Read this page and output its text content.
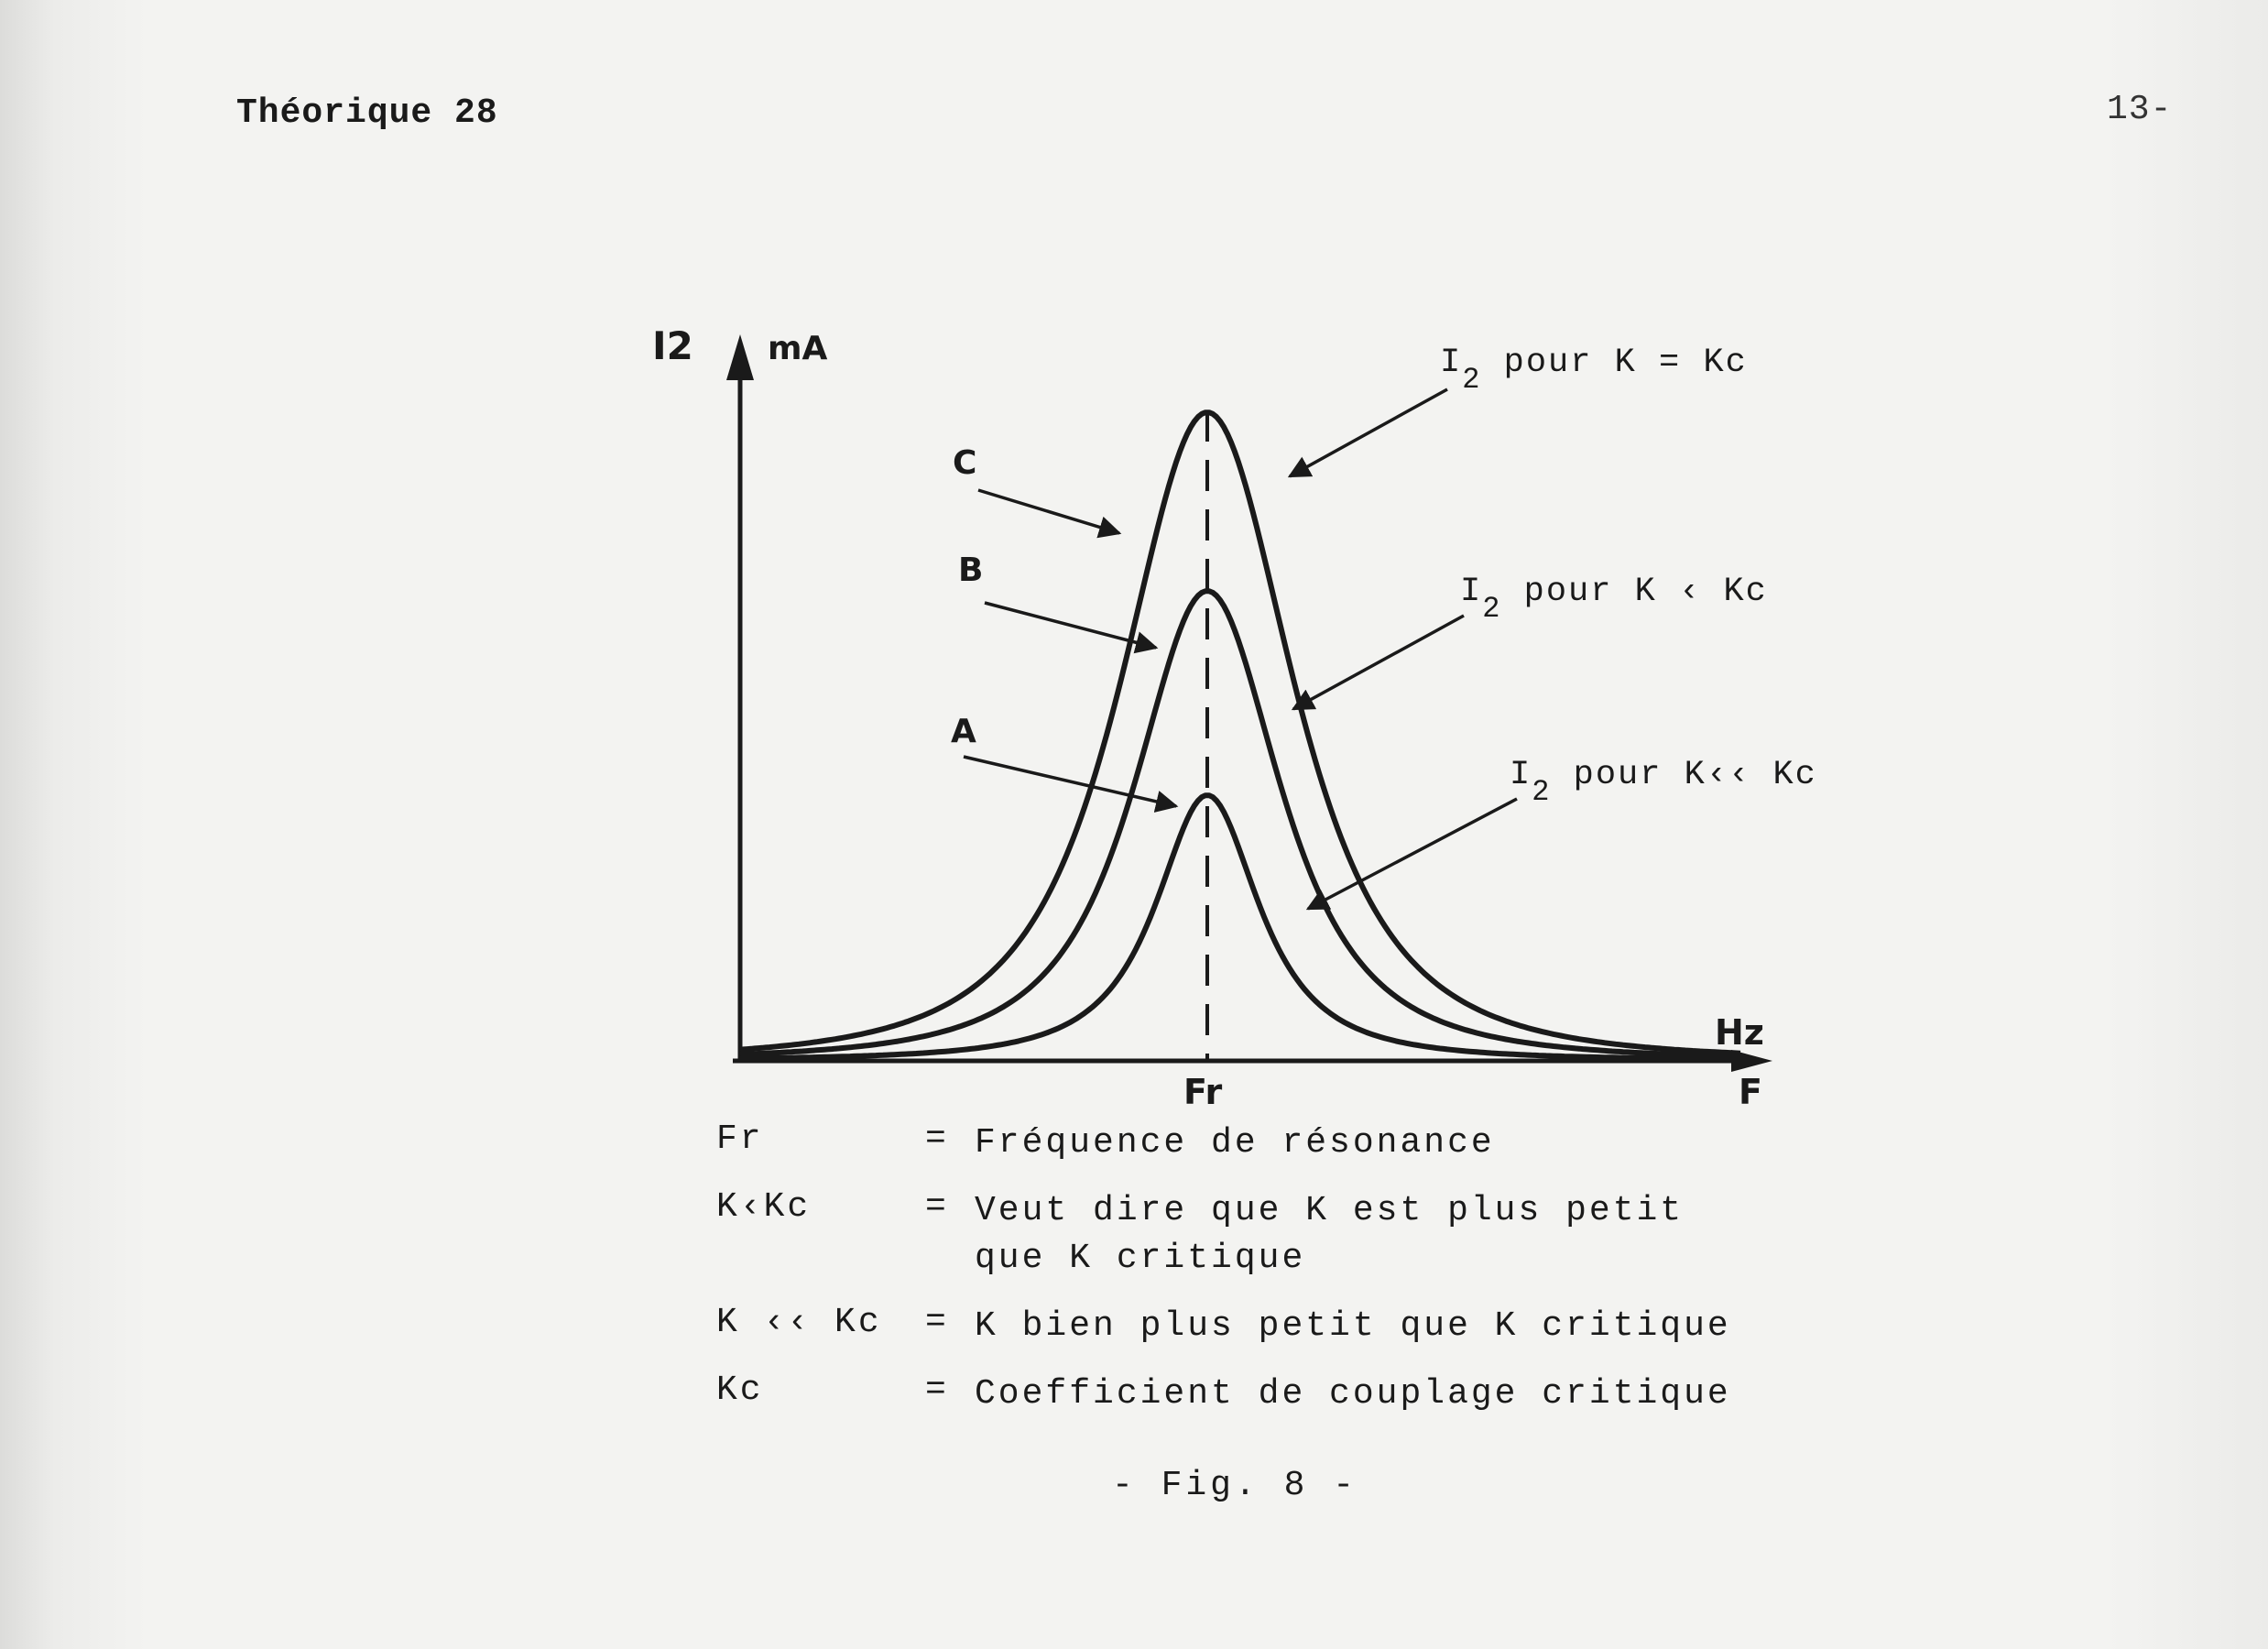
Théorique 28	13-
I2 mA
Hz
F
Fr
C
B
A
I2 pour K = Kc
I2 pour K ‹ Kc
I2 pour K‹‹ Kc
Fr	= Fréquence de résonance
K‹Kc	= Veut dire que K est plus petit que K critique
K ‹‹ Kc	= K bien plus petit que K critique
Kc	= Coefficient de couplage critique
- Fig. 8 -
